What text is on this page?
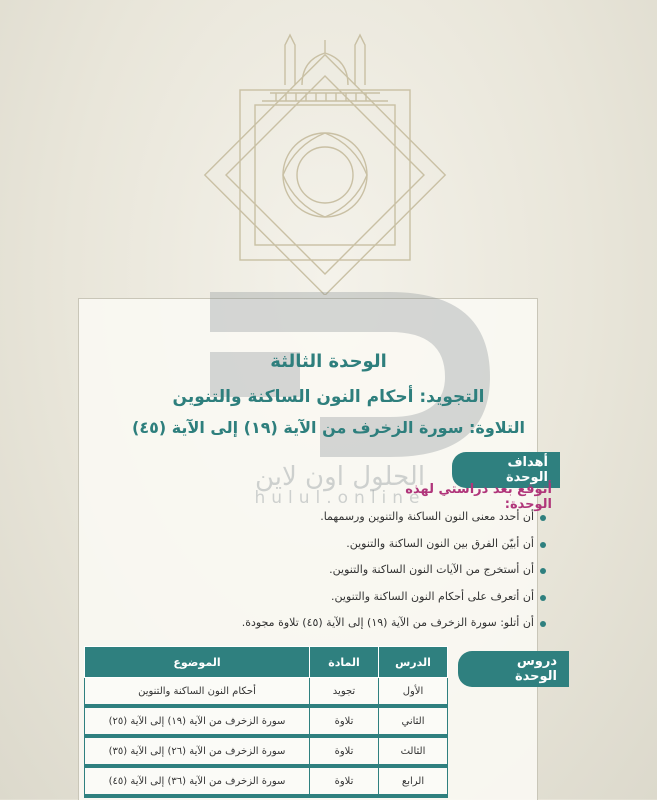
الحلول اون لاين
hulul.online
الوحدة الثالثة
التجويد: أحكام النون الساكنة والتنوين
التلاوة: سورة الزخرف من الآية (١٩) إلى الآية (٤٥)
أهداف الوحدة
أتوقع بعد دراستي لهذه الوحدة:
أن أحدد معنى النون الساكنة والتنوين ورسمهما.
أن أبيّن الفرق بين النون الساكنة والتنوين.
أن أستخرج من الآيات النون الساكنة والتنوين.
أن أتعرف على أحكام النون الساكنة والتنوين.
أن أتلو: سورة الزخرف من الآية (١٩) إلى الآية (٤٥) تلاوة مجودة.
دروس الوحدة
الدرس	المادة	الموضوع
الأول	تجويد	أحكام النون الساكنة والتنوين
الثاني	تلاوة	سورة الزخرف من الآية (١٩) إلى الآية (٢٥)
الثالث	تلاوة	سورة الزخرف من الآية (٢٦) إلى الآية (٣٥)
الرابع	تلاوة	سورة الزخرف من الآية (٣٦) إلى الآية (٤٥)
